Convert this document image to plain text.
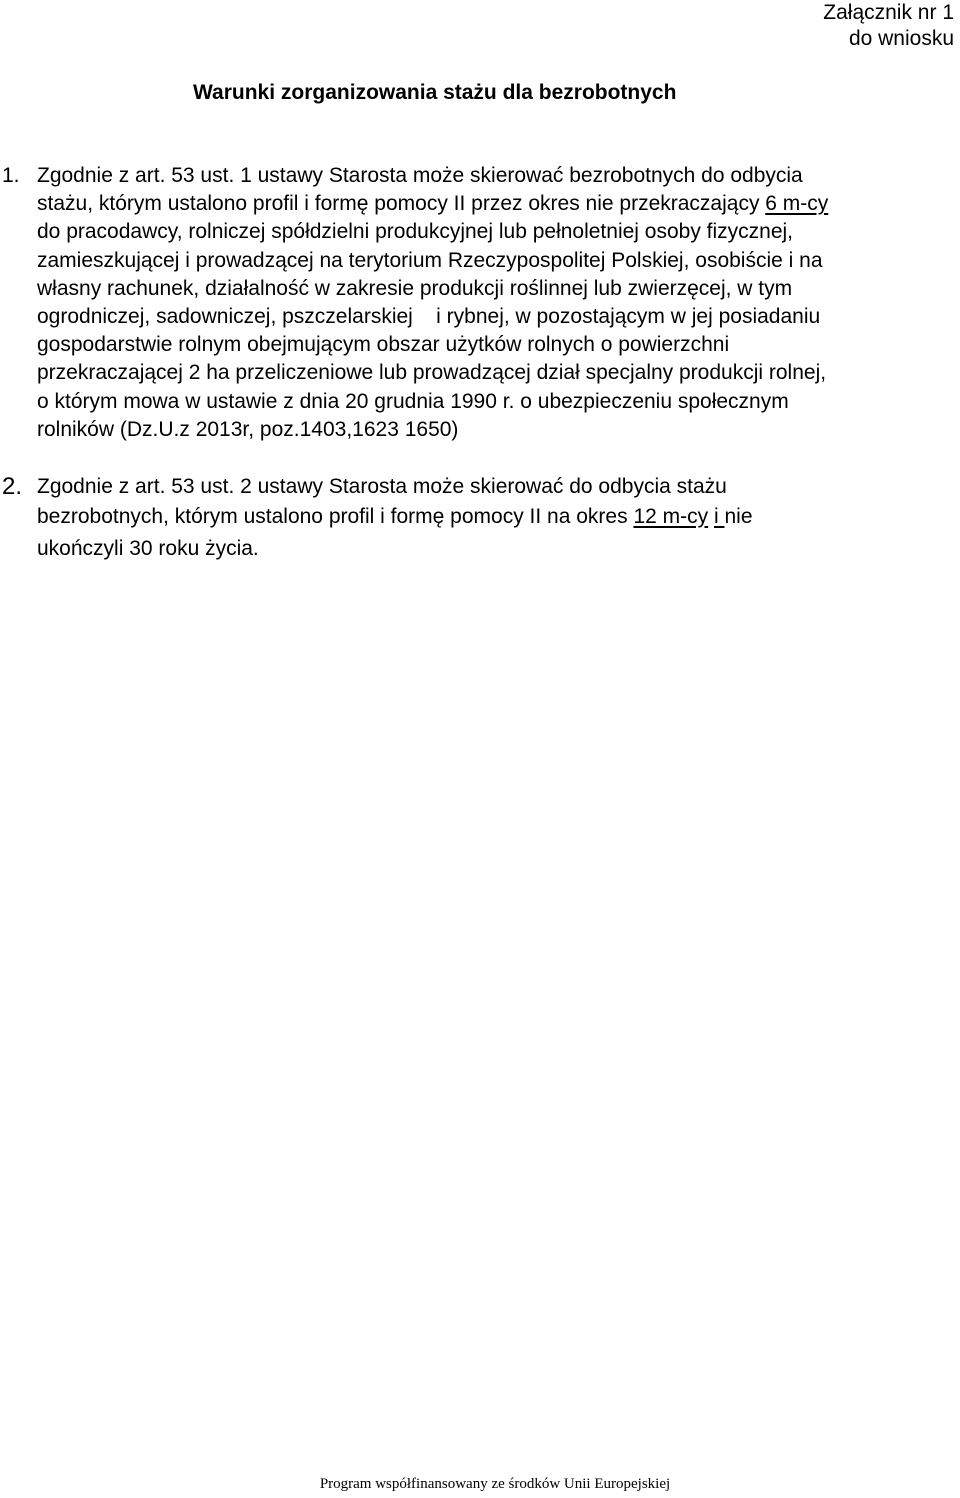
Załącznik nr 1
do wniosku
Warunki zorganizowania stażu dla bezrobotnych
1. Zgodnie z art. 53 ust. 1 ustawy Starosta może skierować bezrobotnych do odbycia
stażu, którym ustalono profil i formę pomocy II przez okres nie przekraczający 6 m-cy
do pracodawcy, rolniczej spółdzielni produkcyjnej lub pełnoletniej osoby fizycznej,
zamieszkującej i prowadzącej na terytorium Rzeczypospolitej Polskiej, osobiście i na
własny rachunek, działalność w zakresie produkcji roślinnej lub zwierzęcej, w tym
ogrodniczej, sadowniczej, pszczelarskiej    i rybnej, w pozostającym w jej posiadaniu
gospodarstwie rolnym obejmującym obszar użytków rolnych o powierzchni
przekraczającej 2 ha przeliczeniowe lub prowadzącej dział specjalny produkcji rolnej,
o którym mowa w ustawie z dnia 20 grudnia 1990 r. o ubezpieczeniu społecznym
rolników (Dz.U.z 2013r, poz.1403,1623 1650)
2. Zgodnie z art. 53 ust. 2 ustawy Starosta może skierować do odbycia stażu
bezrobotnych, którym ustalono profil i formę pomocy II na okres 12 m-cy i nie
ukończyli 30 roku życia.
Program współfinansowany ze środków Unii Europejskiej
